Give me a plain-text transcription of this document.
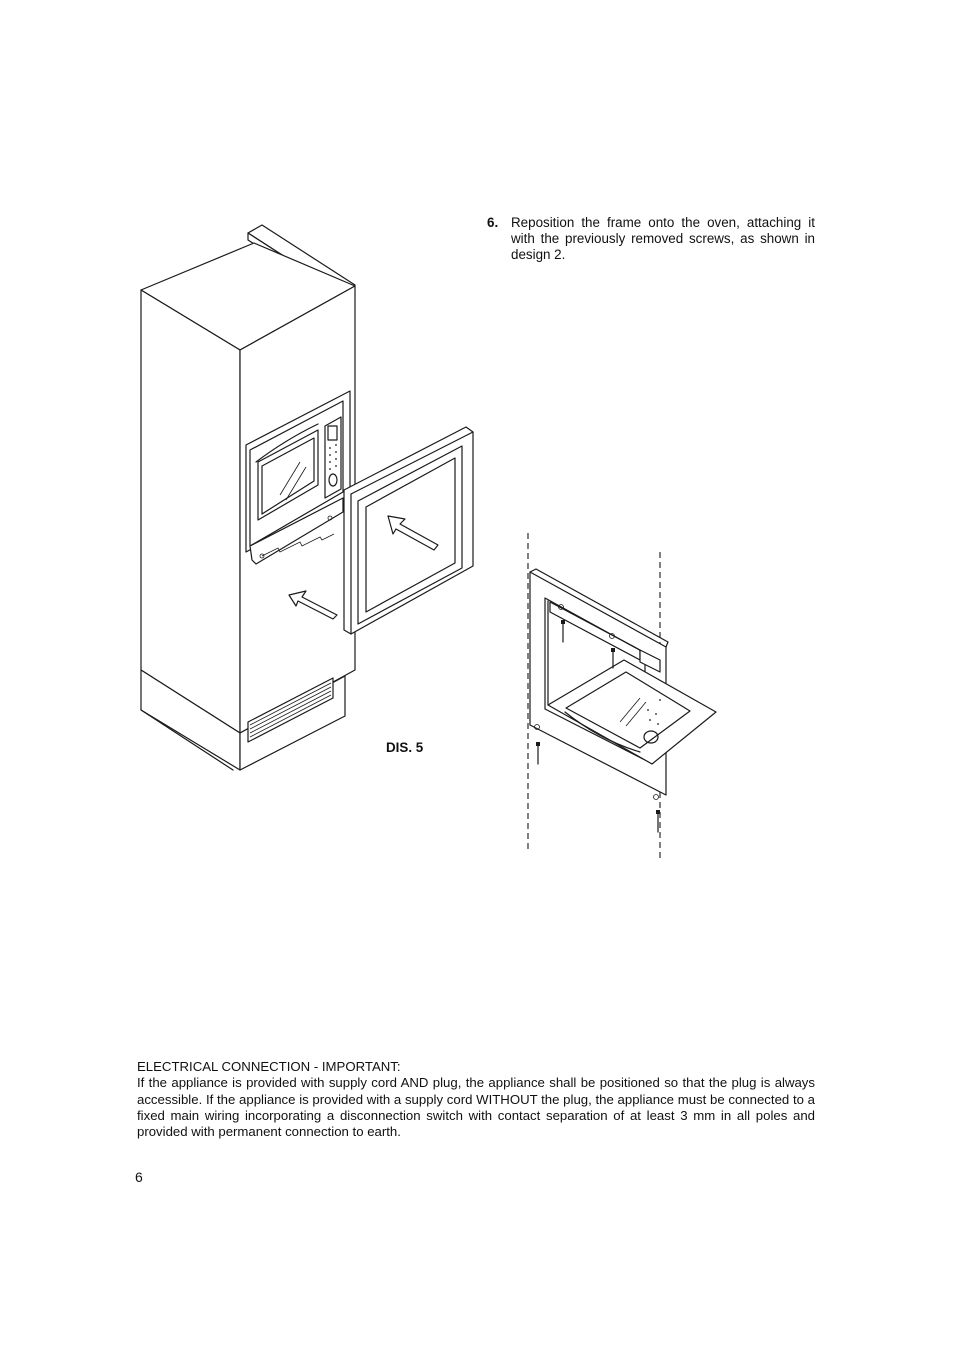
6. Reposition the frame onto the oven, attaching it with the previously removed screws, as shown in design 2.
DIS. 5
ELECTRICAL CONNECTION - IMPORTANT:
If the appliance is provided with supply cord AND plug, the appliance shall be positioned so that the plug is always accessible. If the appliance is provided with a supply cord WITHOUT the plug, the appliance must be connected to a fixed main wiring incorporating a disconnection switch with contact separation of at least 3 mm in all poles and provided with permanent connection to earth.
6
